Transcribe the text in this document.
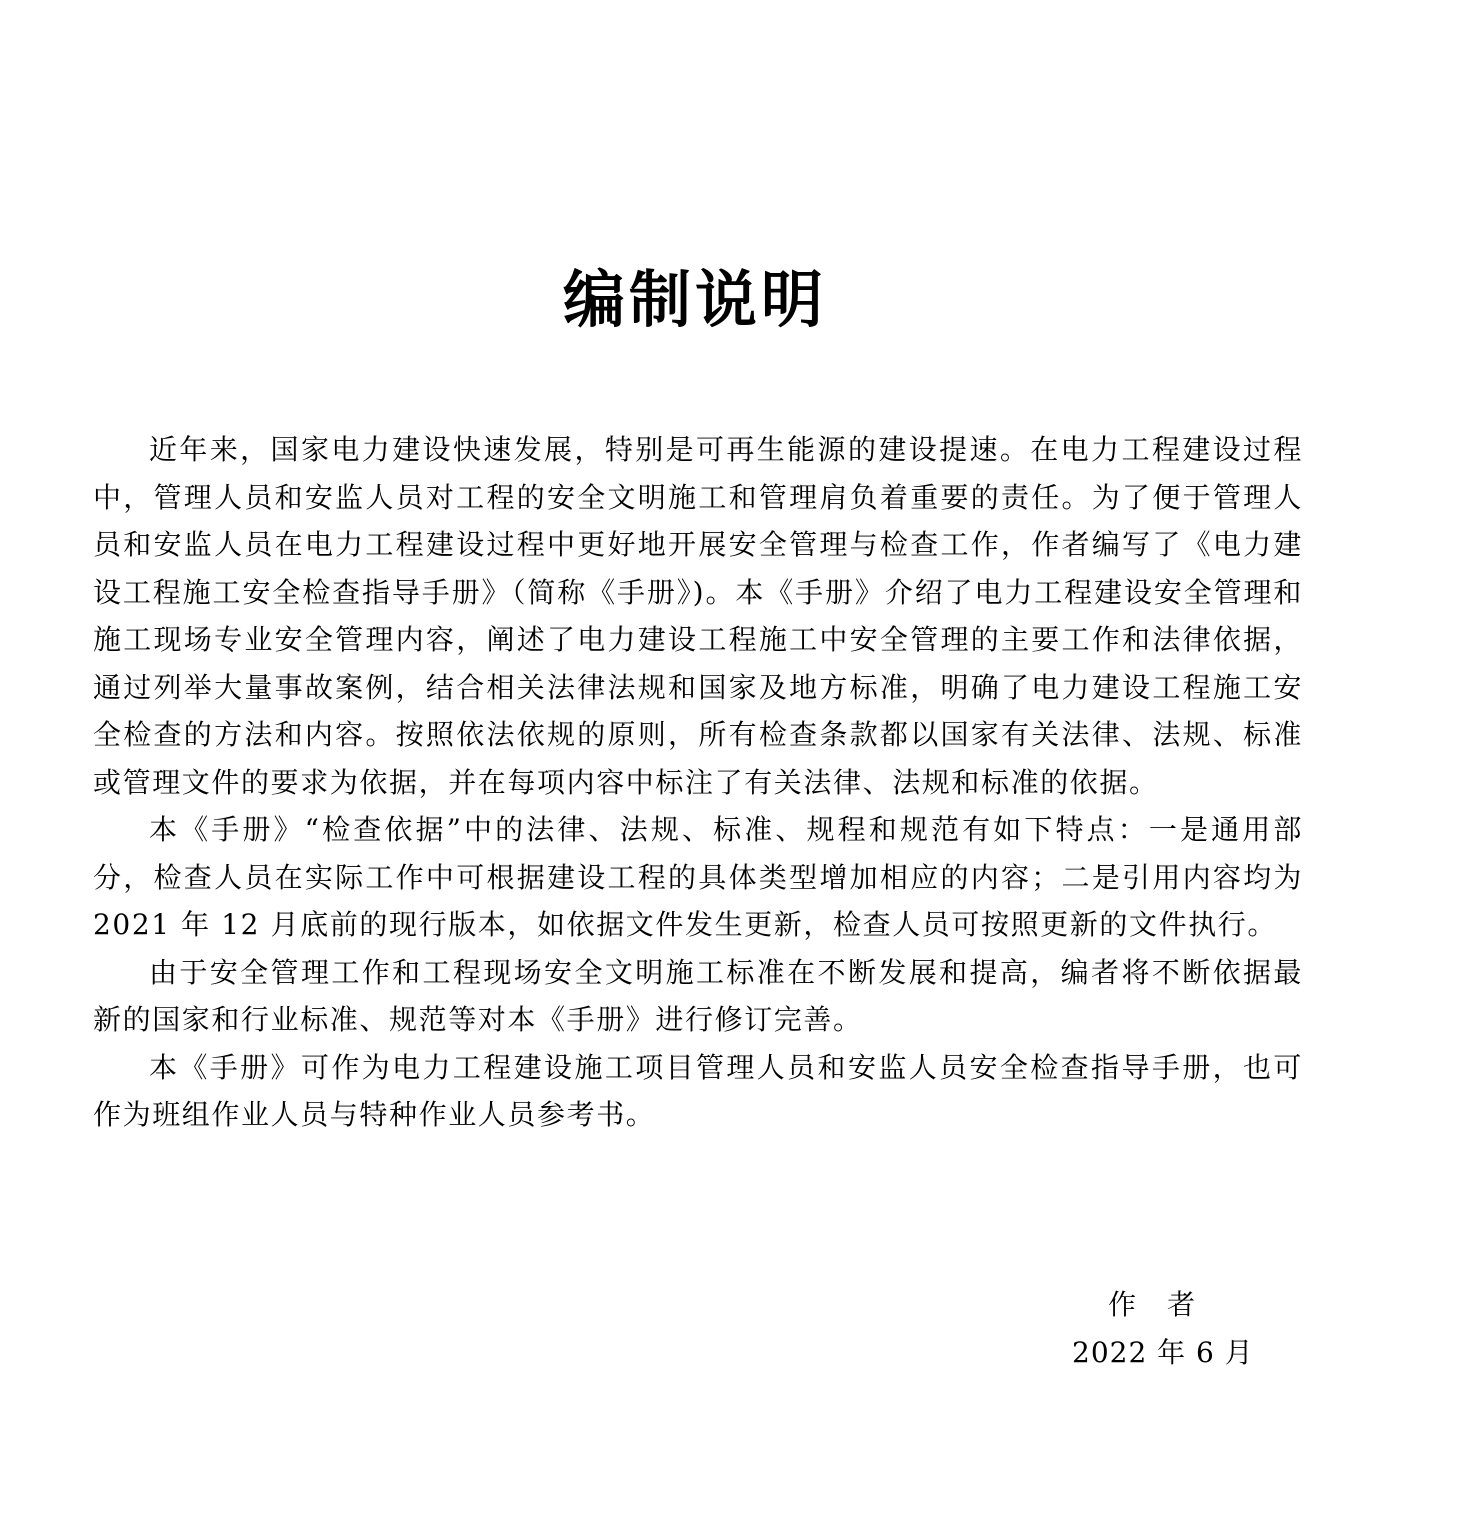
编制说明

近年来，国家电力建设快速发展，特别是可再生能源的建设提速。在电力工程建设过程中，管理人员和安监人员对工程的安全文明施工和管理肩负着重要的责任。为了便于管理人员和安监人员在电力工程建设过程中更好地开展安全管理与检查工作，作者编写了《电力建设工程施工安全检查指导手册》（简称《手册》)。本《手册》介绍了电力工程建设安全管理和施工现场专业安全管理内容，阐述了电力建设工程施工中安全管理的主要工作和法律依据，通过列举大量事故案例，结合相关法律法规和国家及地方标准，明确了电力建设工程施工安全检查的方法和内容。按照依法依规的原则，所有检查条款都以国家有关法律、法规、标准或管理文件的要求为依据，并在每项内容中标注了有关法律、法规和标准的依据。

本《手册》“检查依据”中的法律、法规、标准、规程和规范有如下特点：一是通用部分，检查人员在实际工作中可根据建设工程的具体类型增加相应的内容；二是引用内容均为 2021 年 12 月底前的现行版本，如依据文件发生更新，检查人员可按照更新的文件执行。

由于安全管理工作和工程现场安全文明施工标准在不断发展和提高，编者将不断依据最新的国家和行业标准、规范等对本《手册》进行修订完善。

本《手册》可作为电力工程建设施工项目管理人员和安监人员安全检查指导手册，也可作为班组作业人员与特种作业人员参考书。

作　者
2022 年 6 月
